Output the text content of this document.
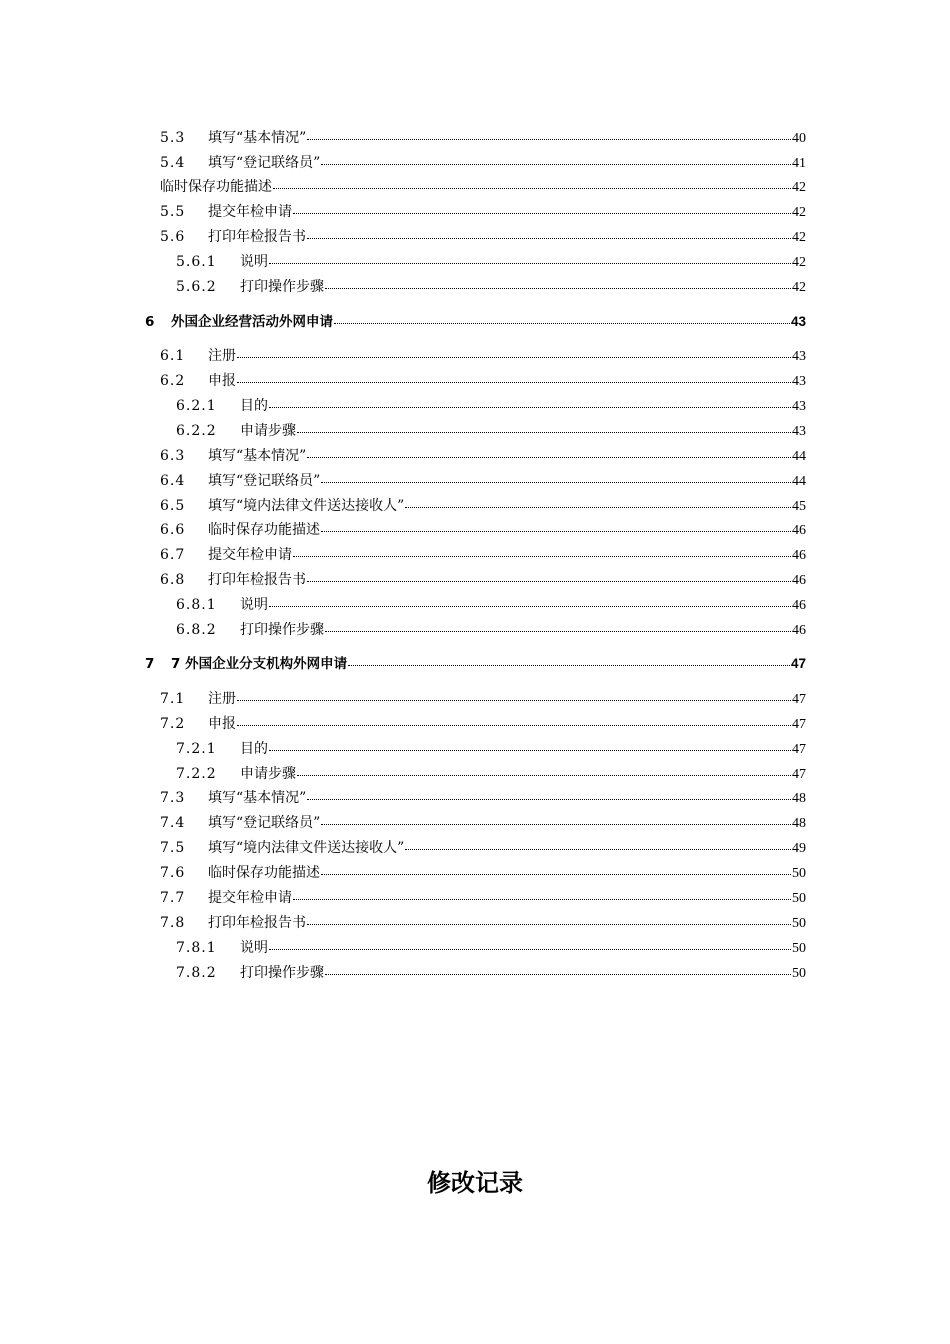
5.3	填写“基本情况”	40
5.4	填写“登记联络员”	41
临时保存功能描述	42
5.5	提交年检申请	42
5.6	打印年检报告书	42
5.6.1	说明	42
5.6.2	打印操作步骤	42
6	外国企业经营活动外网申请	43
6.1	注册	43
6.2	申报	43
6.2.1	目的	43
6.2.2	申请步骤	43
6.3	填写“基本情况”	44
6.4	填写“登记联络员”	44
6.5	填写“境内法律文件送达接收人”	45
6.6	临时保存功能描述	46
6.7	提交年检申请	46
6.8	打印年检报告书	46
6.8.1	说明	46
6.8.2	打印操作步骤	46
7	7 外国企业分支机构外网申请	47
7.1	注册	47
7.2	申报	47
7.2.1	目的	47
7.2.2	申请步骤	47
7.3	填写“基本情况”	48
7.4	填写“登记联络员”	48
7.5	填写“境内法律文件送达接收人”	49
7.6	临时保存功能描述	50
7.7	提交年检申请	50
7.8	打印年检报告书	50
7.8.1	说明	50
7.8.2	打印操作步骤	50
修改记录
